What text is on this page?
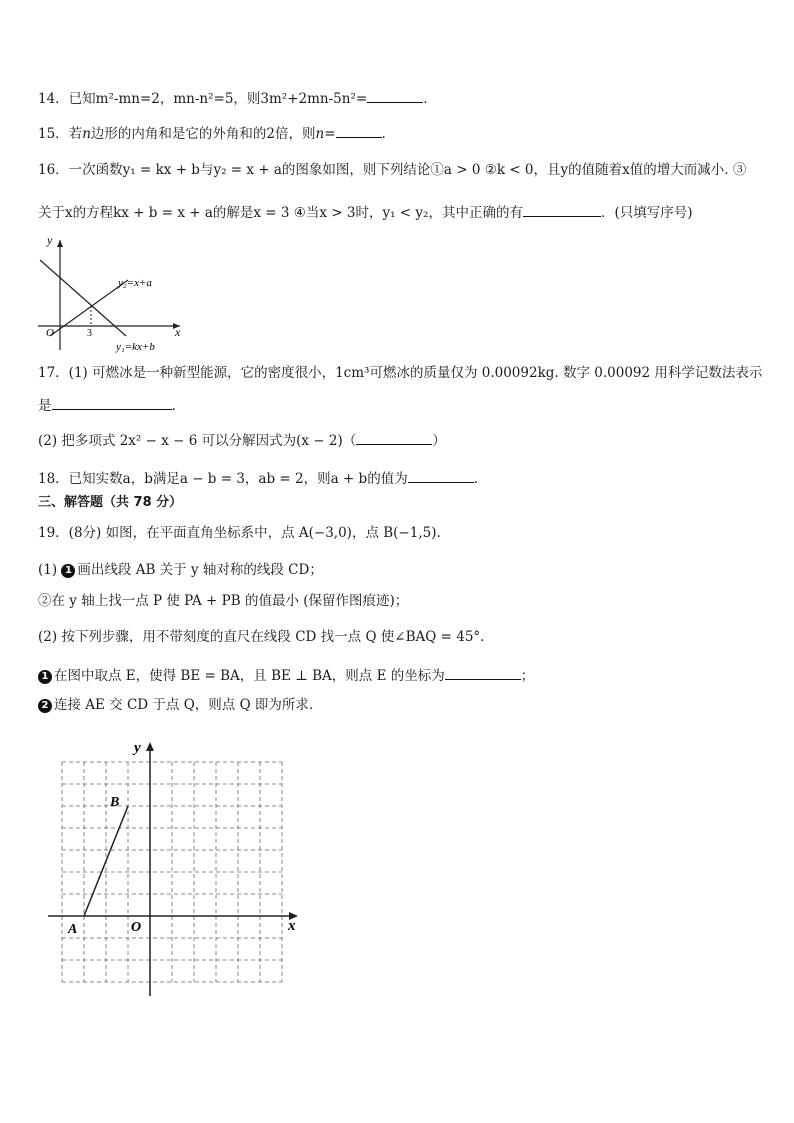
14．已知m²-mn=2，mn-n²=5，则3m²+2mn-5n²=	.
15．若n边形的内角和是它的外角和的2倍，则n=	.
16．一次函数y₁ = kx + b与y₂ = x + a的图象如图，则下列结论①a > 0 ②k < 0，且y的值随着x值的增大而减小. ③
关于x的方程kx + b = x + a的解是x = 3 ④当x > 3时，y₁ < y₂，其中正确的有	．(只填写序号)
y
x
O	3
y₂=x+a
y₁=kx+b
17．(1) 可燃冰是一种新型能源，它的密度很小，1cm³可燃冰的质量仅为 0.00092kg. 数字 0.00092 用科学记数法表示
是	.
(2) 把多项式 2x² − x − 6 可以分解因式为(x − 2)（	）
18．已知实数a，b满足a − b = 3，ab = 2，则a + b的值为	．
三、解答题（共 78 分）
19．(8分) 如图，在平面直角坐标系中，点 A(−3,0)，点 B(−1,5).
(1) 1 画出线段 AB 关于 y 轴对称的线段 CD；
②在 y 轴上找一点 P 使 PA + PB 的值最小 (保留作图痕迹)；
(2) 按下列步骤，用不带刻度的直尺在线段 CD 找一点 Q 使∠BAQ = 45°.
1 在图中取点 E，使得 BE = BA，且 BE ⊥ BA，则点 E 的坐标为	；
2 连接 AE 交 CD 于点 Q，则点 Q 即为所求.
y
x
O
A
B
